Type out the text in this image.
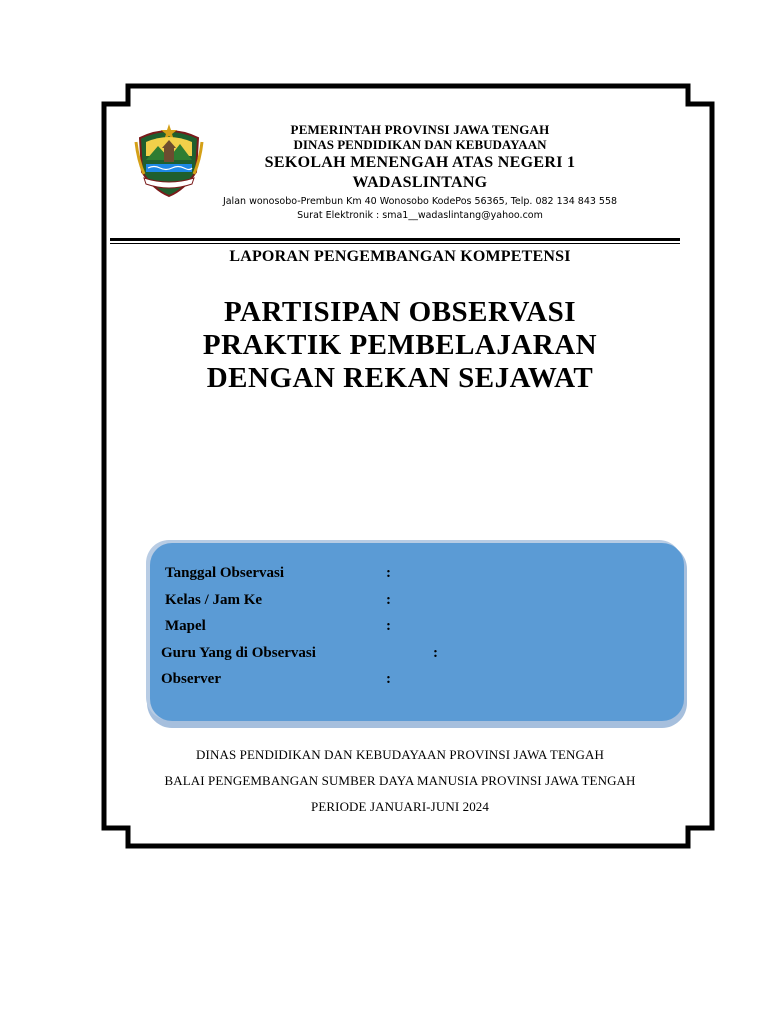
PEMERINTAH PROVINSI JAWA TENGAH
DINAS PENDIDIKAN DAN KEBUDAYAAN
SEKOLAH MENENGAH ATAS NEGERI 1
WADASLINTANG
Jalan wonosobo-Prembun Km 40 Wonosobo KodePos 56365, Telp. 082 134 843 558
Surat Elektronik : sma1__wadaslintang@yahoo.com
LAPORAN PENGEMBANGAN KOMPETENSI
PARTISIPAN OBSERVASI
PRAKTIK PEMBELAJARAN
DENGAN REKAN SEJAWAT
Tanggal Observasi	:
Kelas / Jam Ke	:
Mapel	:
Guru Yang di Observasi	:
Observer	:
DINAS PENDIDIKAN DAN KEBUDAYAAN PROVINSI JAWA TENGAH
BALAI PENGEMBANGAN SUMBER DAYA MANUSIA PROVINSI JAWA TENGAH
PERIODE JANUARI-JUNI 2024
